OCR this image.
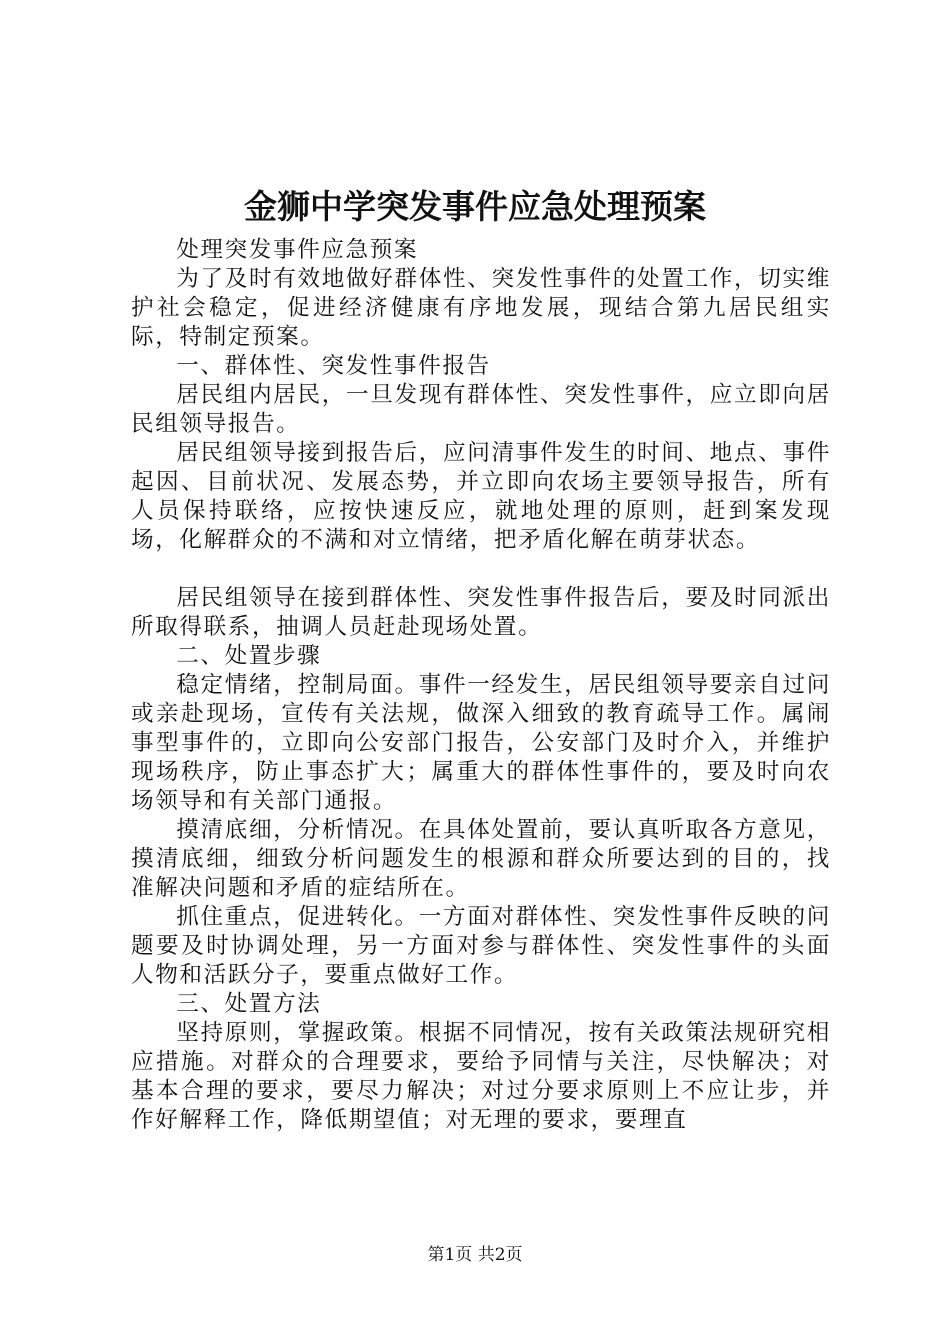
金狮中学突发事件应急处理预案

处理突发事件应急预案

为了及时有效地做好群体性、突发性事件的处置工作，切实维护社会稳定，促进经济健康有序地发展，现结合第九居民组实际，特制定预案。

一、群体性、突发性事件报告

居民组内居民，一旦发现有群体性、突发性事件，应立即向居民组领导报告。

居民组领导接到报告后，应问清事件发生的时间、地点、事件起因、目前状况、发展态势，并立即向农场主要领导报告，所有人员保持联络，应按快速反应，就地处理的原则，赶到案发现场，化解群众的不满和对立情绪，把矛盾化解在萌芽状态。

居民组领导在接到群体性、突发性事件报告后，要及时同派出所取得联系，抽调人员赶赴现场处置。

二、处置步骤

稳定情绪，控制局面。事件一经发生，居民组领导要亲自过问或亲赴现场，宣传有关法规，做深入细致的教育疏导工作。属闹事型事件的，立即向公安部门报告，公安部门及时介入，并维护现场秩序，防止事态扩大；属重大的群体性事件的，要及时向农场领导和有关部门通报。

摸清底细，分析情况。在具体处置前，要认真听取各方意见，摸清底细，细致分析问题发生的根源和群众所要达到的目的，找准解决问题和矛盾的症结所在。

抓住重点，促进转化。一方面对群体性、突发性事件反映的问题要及时协调处理，另一方面对参与群体性、突发性事件的头面人物和活跃分子，要重点做好工作。

三、处置方法

坚持原则，掌握政策。根据不同情况，按有关政策法规研究相应措施。对群众的合理要求，要给予同情与关注，尽快解决；对基本合理的要求，要尽力解决；对过分要求原则上不应让步，并作好解释工作，降低期望值；对无理的要求，要理直

第1页 共2页
